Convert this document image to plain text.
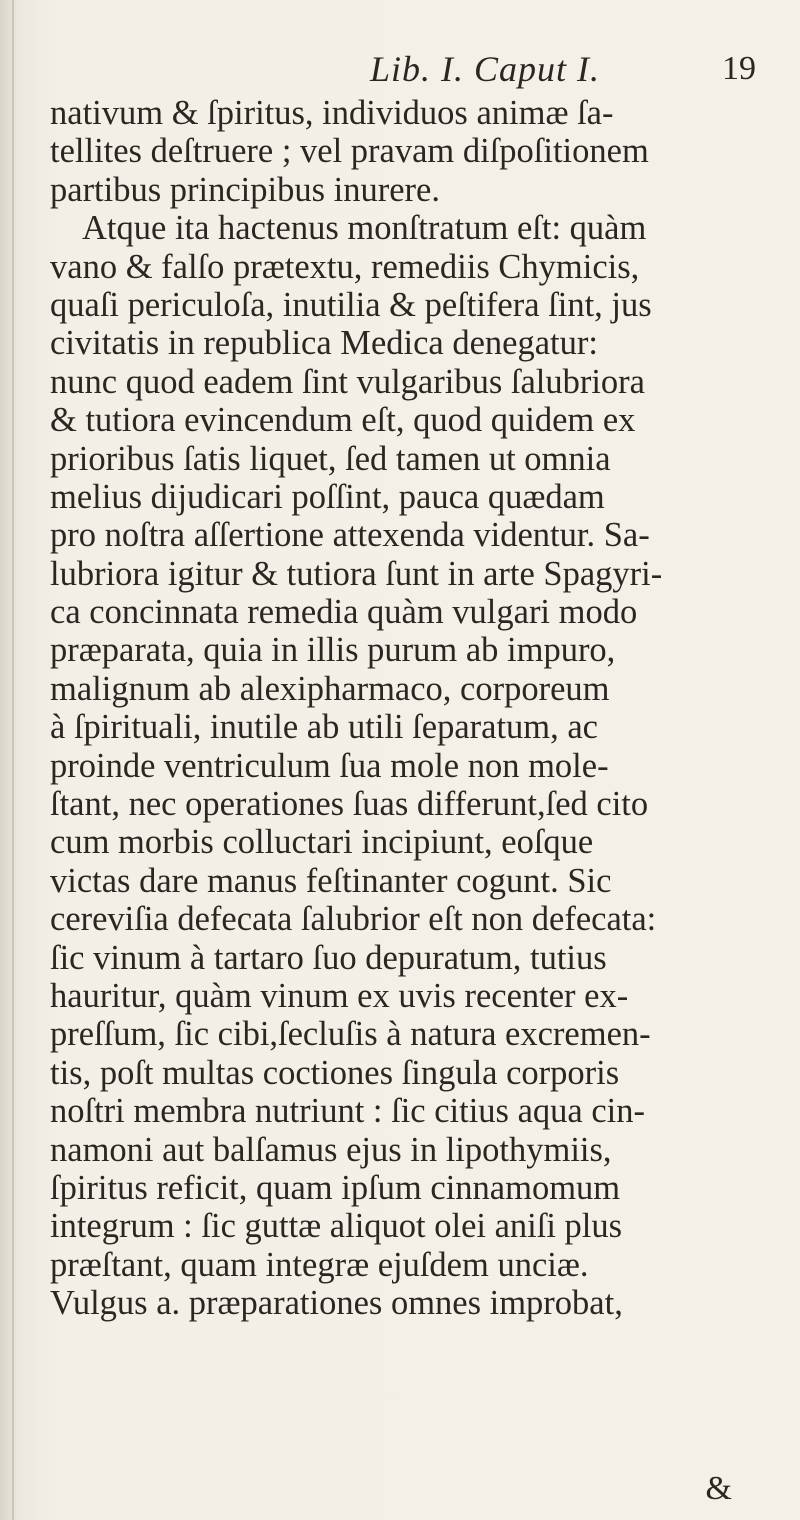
Lib. I. Caput I.	19
nativum & ſpiritus, individuos animæ ſa-
tellites deſtruere ; vel pravam diſpoſitionem
partibus principibus inurere.
Atque ita hactenus monſtratum eſt: quàm
vano & falſo prætextu, remediis Chymicis,
quaſi periculoſa, inutilia & peſtifera ſint, jus
civitatis in republica Medica denegatur:
nunc quod eadem ſint vulgaribus ſalubriora
& tutiora evincendum eſt, quod quidem ex
prioribus ſatis liquet, ſed tamen ut omnia
melius dijudicari poſſint, pauca quædam
pro noſtra aſſertione attexenda videntur. Sa-
lubriora igitur & tutiora ſunt in arte Spagyri-
ca concinnata remedia quàm vulgari modo
præparata, quia in illis purum ab impuro,
malignum ab alexipharmaco, corporeum
à ſpirituali, inutile ab utili ſeparatum, ac
proinde ventriculum ſua mole non mole-
ſtant, nec operationes ſuas differunt,ſed cito
cum morbis colluctari incipiunt, eoſque
victas dare manus feſtinanter cogunt. Sic
cereviſia defecata ſalubrior eſt non defecata:
ſic vinum à tartaro ſuo depuratum, tutius
hauritur, quàm vinum ex uvis recenter ex-
preſſum, ſic cibi,ſecluſis à natura excremen-
tis, poſt multas coctiones ſingula corporis
noſtri membra nutriunt : ſic citius aqua cin-
namoni aut balſamus ejus in lipothymiis,
ſpiritus reficit, quam ipſum cinnamomum
integrum : ſic guttæ aliquot olei aniſi plus
præſtant, quam integræ ejuſdem unciæ.
Vulgus a. præparationes omnes improbat,
&
